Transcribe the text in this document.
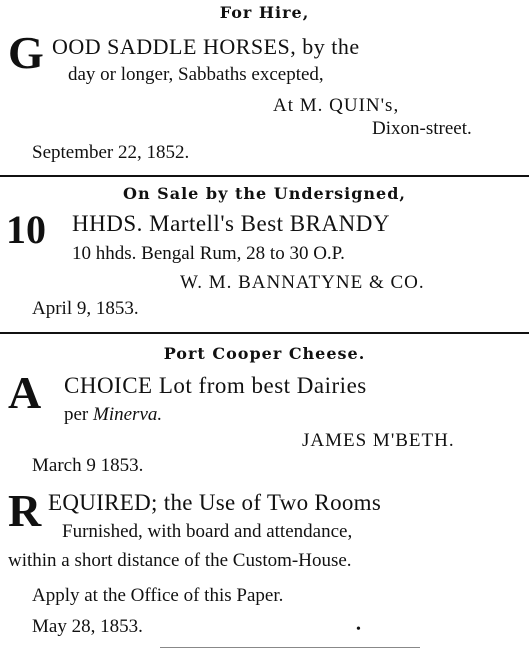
For Hire,
G OOD SADDLE HORSES, by the
day or longer, Sabbaths excepted,
At M. QUIN's,
Dixon-street.
September 22, 1852.
On Sale by the Undersigned,
10 HHDS. Martell's Best BRANDY
10 hhds. Bengal Rum, 28 to 30 O.P.
W. M. BANNATYNE & CO.
April 9, 1853.
Port Cooper Cheese.
A CHOICE Lot from best Dairies
per Minerva.
JAMES M'BETH.
March 9 1853.
R EQUIRED; the Use of Two Rooms
Furnished, with board and attendance,
within a short distance of the Custom-House.
Apply at the Office of this Paper.
May 28, 1853.	•
